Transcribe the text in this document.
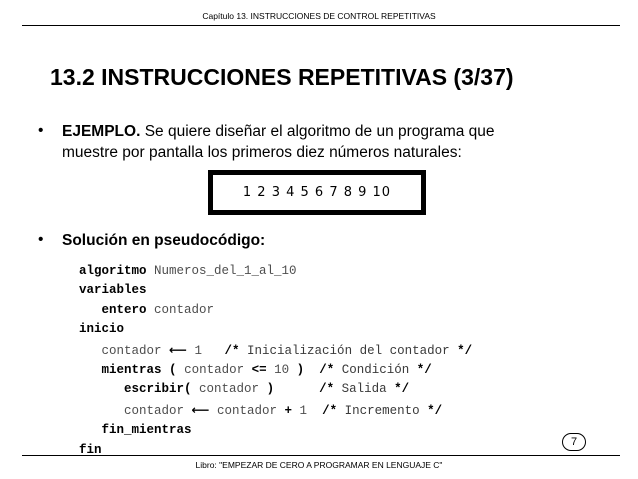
Capítulo 13. INSTRUCCIONES DE CONTROL REPETITIVAS
13.2 INSTRUCCIONES REPETITIVAS (3/37)
• EJEMPLO. Se quiere diseñar el algoritmo de un programa que
muestre por pantalla los primeros diez números naturales:
1 2 3 4 5 6 7 8 9 10
• Solución en pseudocódigo:
algoritmo Numeros_del_1_al_10
variables
entero contador
inicio
contador ⟵ 1 /* Inicialización del contador */
mientras ( contador <= 10 ) /* Condición */
escribir( contador )	/* Salida */
contador ⟵ contador + 1 /* Incremento */
fin_mientras
fin
7
Libro: "EMPEZAR DE CERO A PROGRAMAR EN LENGUAJE C"
